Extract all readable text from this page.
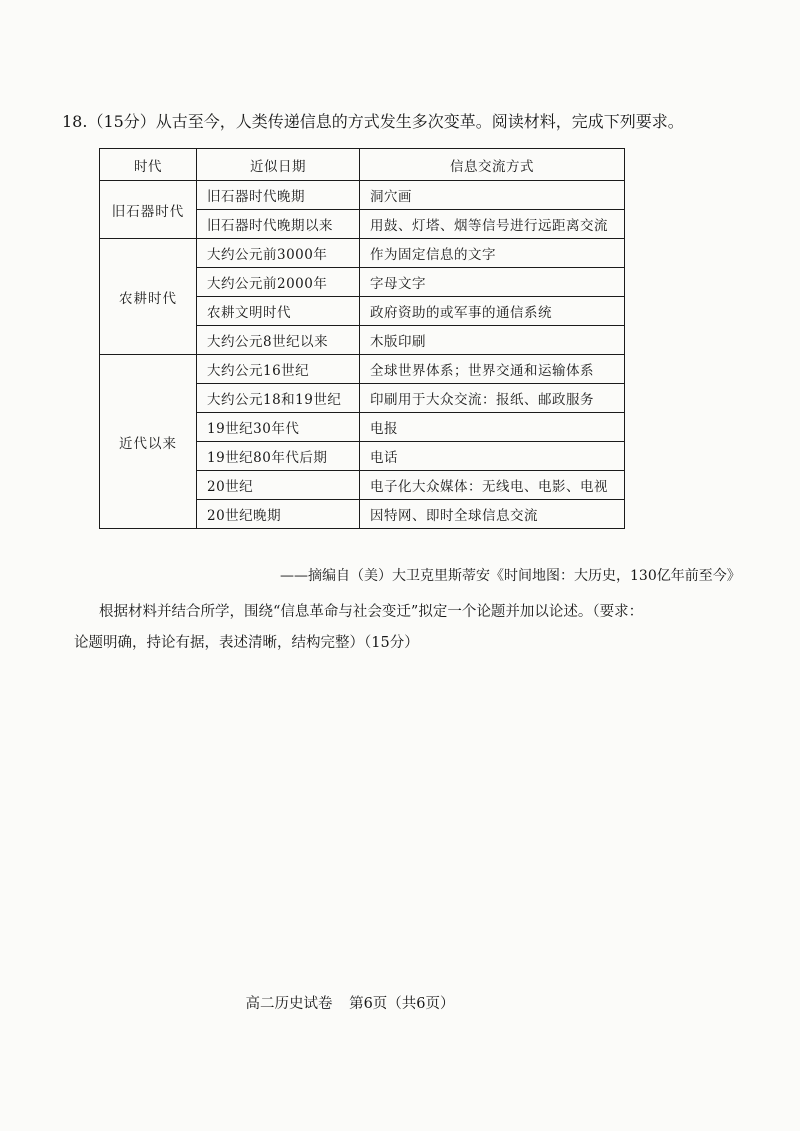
18.（15分）从古至今，人类传递信息的方式发生多次变革。阅读材料，完成下列要求。
时代	近似日期	信息交流方式
旧石器时代	旧石器时代晚期	洞穴画
	旧石器时代晚期以来	用鼓、灯塔、烟等信号进行远距离交流
农耕时代	大约公元前3000年	作为固定信息的文字
	大约公元前2000年	字母文字
	农耕文明时代	政府资助的或军事的通信系统
	大约公元8世纪以来	木版印刷
近代以来	大约公元16世纪	全球世界体系；世界交通和运输体系
	大约公元18和19世纪	印刷用于大众交流：报纸、邮政服务
	19世纪30年代	电报
	19世纪80年代后期	电话
	20世纪	电子化大众媒体：无线电、电影、电视
	20世纪晚期	因特网、即时全球信息交流
——摘编自（美）大卫克里斯蒂安《时间地图：大历史，130亿年前至今》

根据材料并结合所学，围绕“信息革命与社会变迁”拟定一个论题并加以论述。（要求：

论题明确，持论有据，表述清晰，结构完整）（15分）

高二历史试卷 第6页（共6页）
